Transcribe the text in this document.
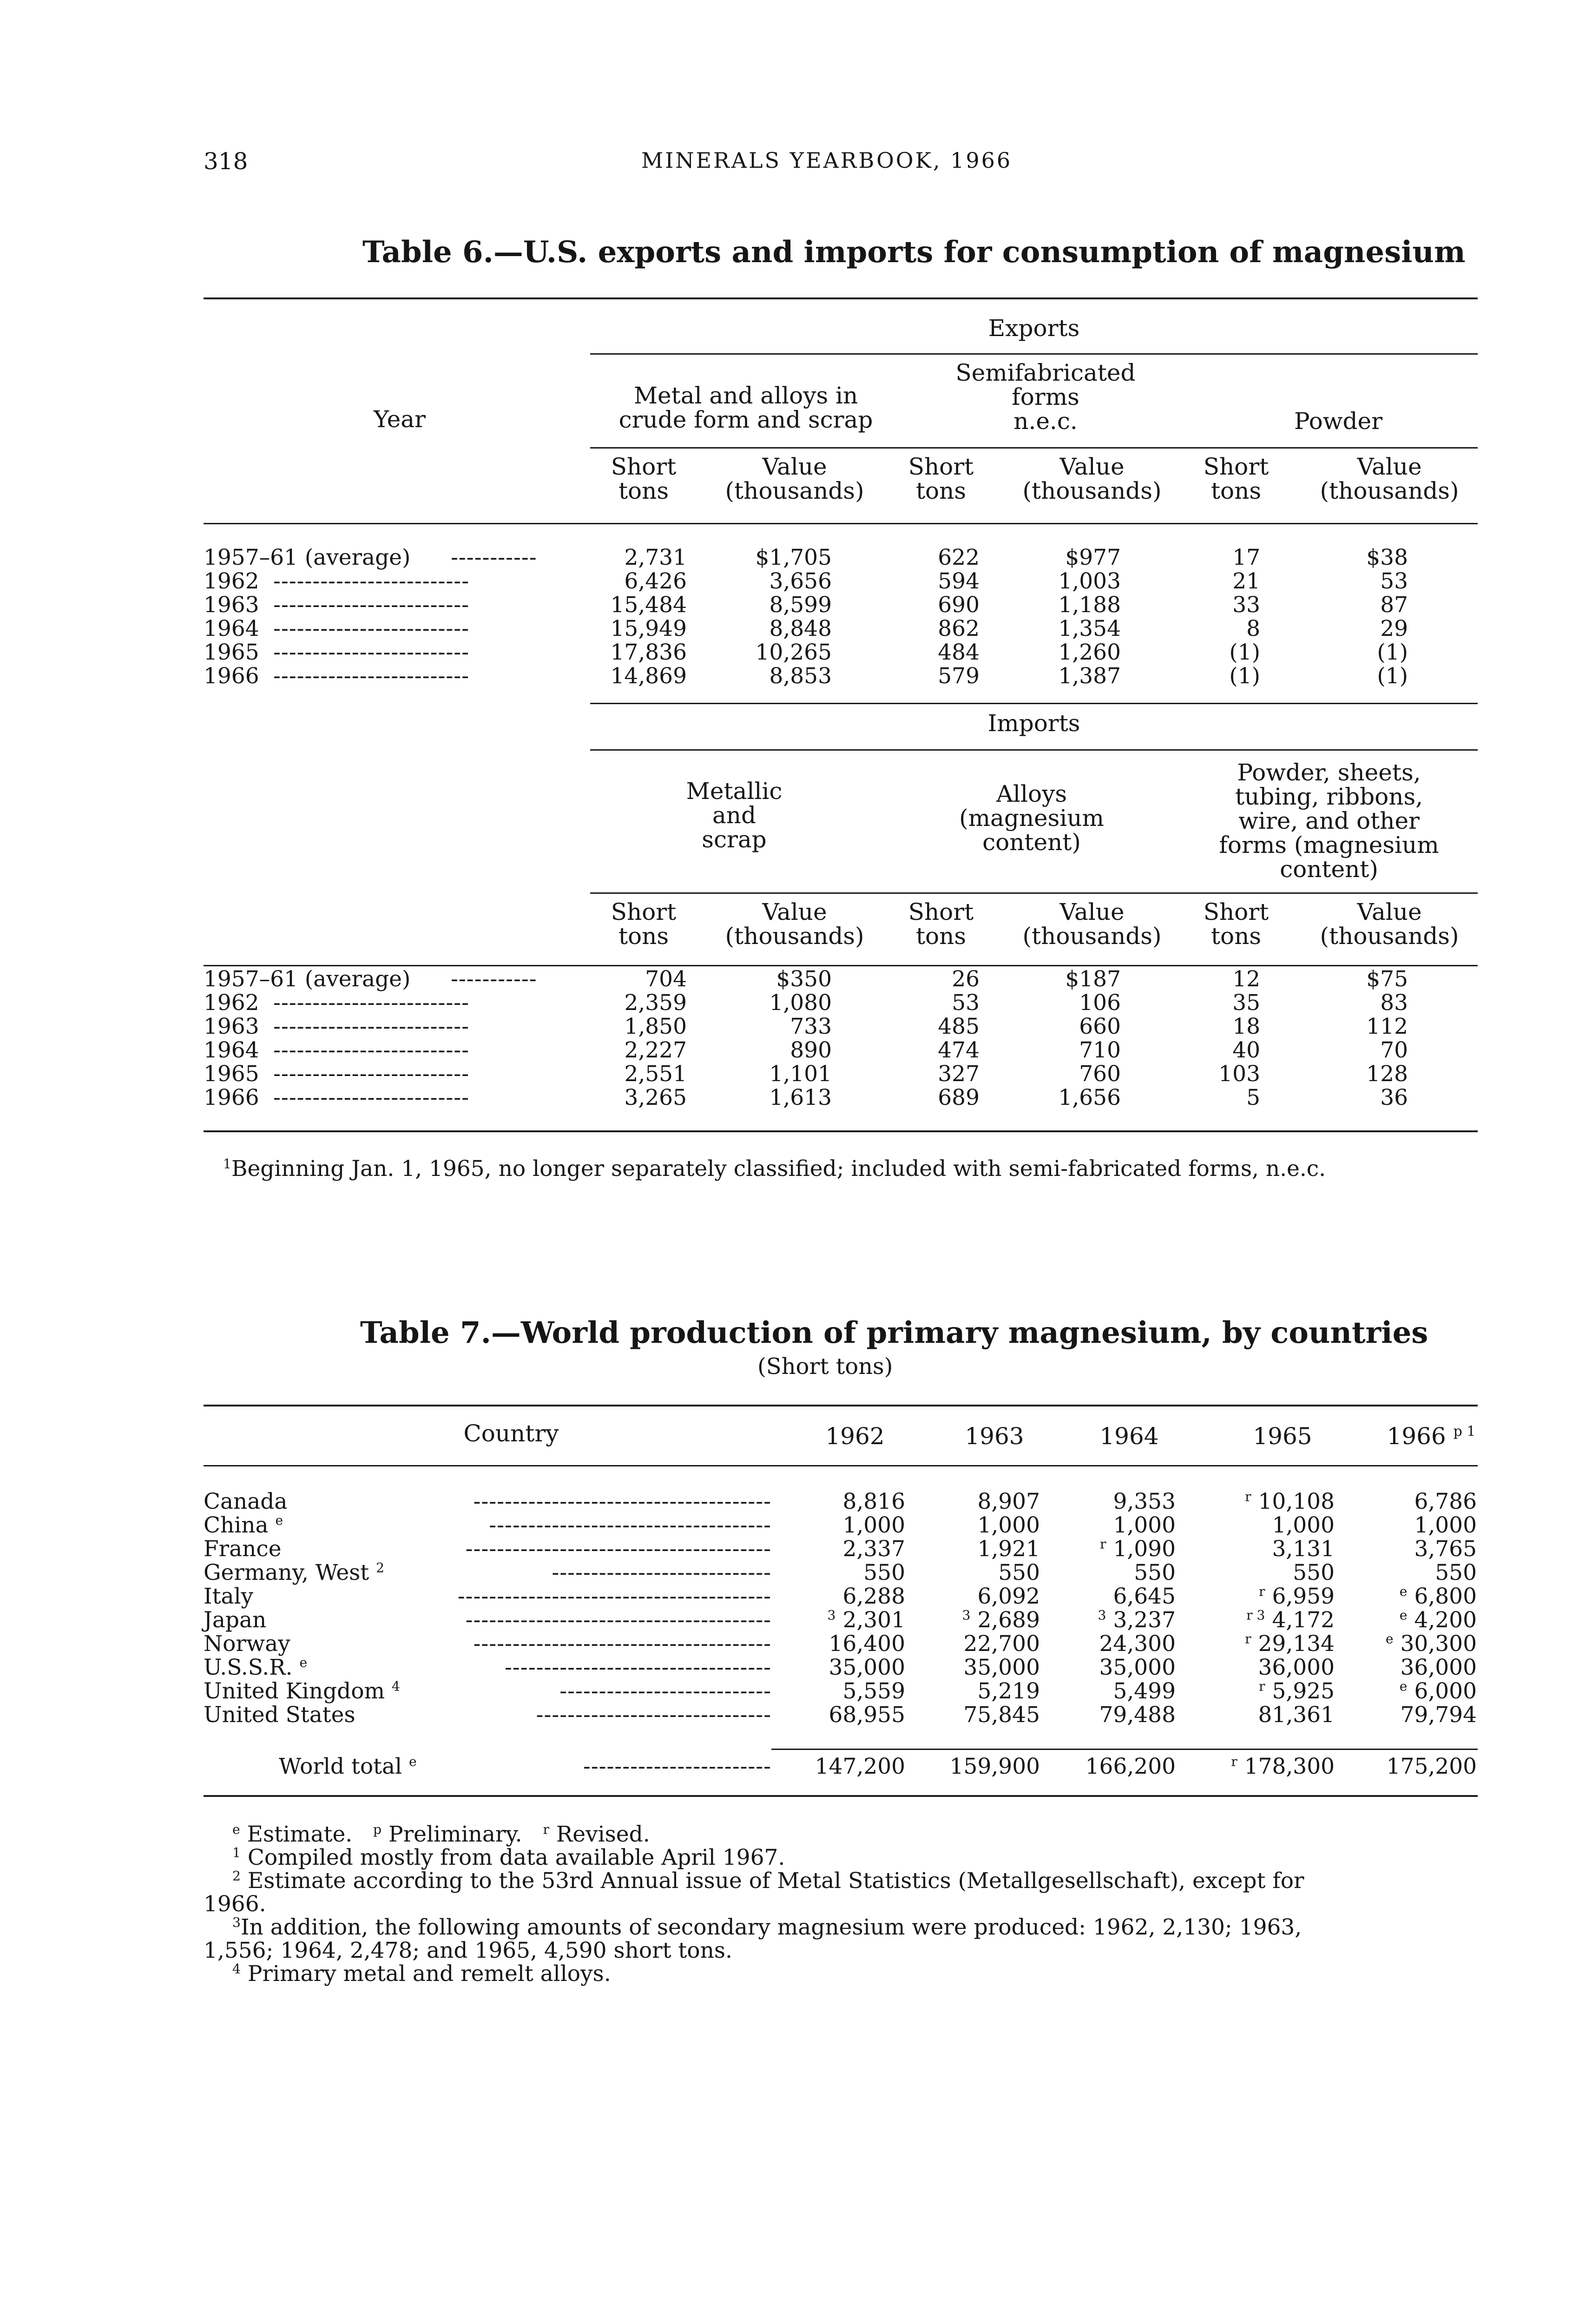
318	MINERALS YEARBOOK, 1966
Table 6.—U.S. exports and imports for consumption of magnesium
Exports
Year
Metal and alloys in
crude form and scrap
Semifabricated
forms
n.e.c.	Powder
Short
tons
Value
(thousands)
Short
tons
Value
(thousands)
Short
tons
Value
(thousands)
1957–61 (average) -----------	2,731	$1,705	622	$977	17	$38
1962 -------------------------	6,426	3,656	594	1,003	21	53
1963 -------------------------	15,484	8,599	690	1,188	33	87
1964 -------------------------	15,949	8,848	862	1,354	8	29
1965 -------------------------	17,836	10,265	484	1,260	(1)	(1)
1966 -------------------------	14,869	8,853	579	1,387	(1)	(1)
Imports
Metallic
and
scrap
Alloys
(magnesium
content)
Powder, sheets,
tubing, ribbons,
wire, and other
forms (magnesium
content)
Short
tons
Value
(thousands)
Short
tons
Value
(thousands)
Short
tons
Value
(thousands)
1957–61 (average) -----------	704	$350	26	$187	12	$75
1962 -------------------------	2,359	1,080	53	106	35	83
1963 -------------------------	1,850	733	485	660	18	112
1964 -------------------------	2,227	890	474	710	40	70
1965 -------------------------	2,551	1,101	327	760	103	128
1966 -------------------------	3,265	1,613	689	1,656	5	36
$^1$Beginning Jan. 1, 1965, no longer separately classified; included with semi-fabricated forms, n.e.c.
Table 7.—World production of primary magnesium, by countries
(Short tons)
Country	1962	1963	1964	1965	1966 $^{p 1}$
Canada	--------------------------------------	8,816	8,907	9,353	$^r$ 10,108	6,786
China $^e$	------------------------------------	1,000	1,000	1,000	1,000	1,000
France	---------------------------------------	2,337	1,921	$^r$ 1,090	3,131	3,765
Germany, West $^2$	----------------------------	550	550	550	550	550
Italy	----------------------------------------	6,288	6,092	6,645	$^r$ 6,959	$^e$ 6,800
Japan	---------------------------------------	$^3$ 2,301	$^3$ 2,689	$^3$ 3,237	$^{r 3}$ 4,172	$^e$ 4,200
Norway	--------------------------------------	16,400	22,700	24,300	$^r$ 29,134	$^e$ 30,300
U.S.S.R. $^e$	----------------------------------	35,000	35,000	35,000	36,000	36,000
United Kingdom $^4$	---------------------------	5,559	5,219	5,499	$^r$ 5,925	$^e$ 6,000
United States	------------------------------	68,955	75,845	79,488	81,361	79,794
World total $^e$	------------------------ 147,200 159,900 166,200	$^r$ 178,300 175,200
$^e$ Estimate. $^p$ Preliminary. $^r$ Revised.
$^1$ Compiled mostly from data available April 1967.
$^2$ Estimate according to the 53rd Annual issue of Metal Statistics (Metallgesellschaft), except for
1966.
$^3$In addition, the following amounts of secondary magnesium were produced: 1962, 2,130; 1963,
1,556; 1964, 2,478; and 1965, 4,590 short tons.
$^4$ Primary metal and remelt alloys.
